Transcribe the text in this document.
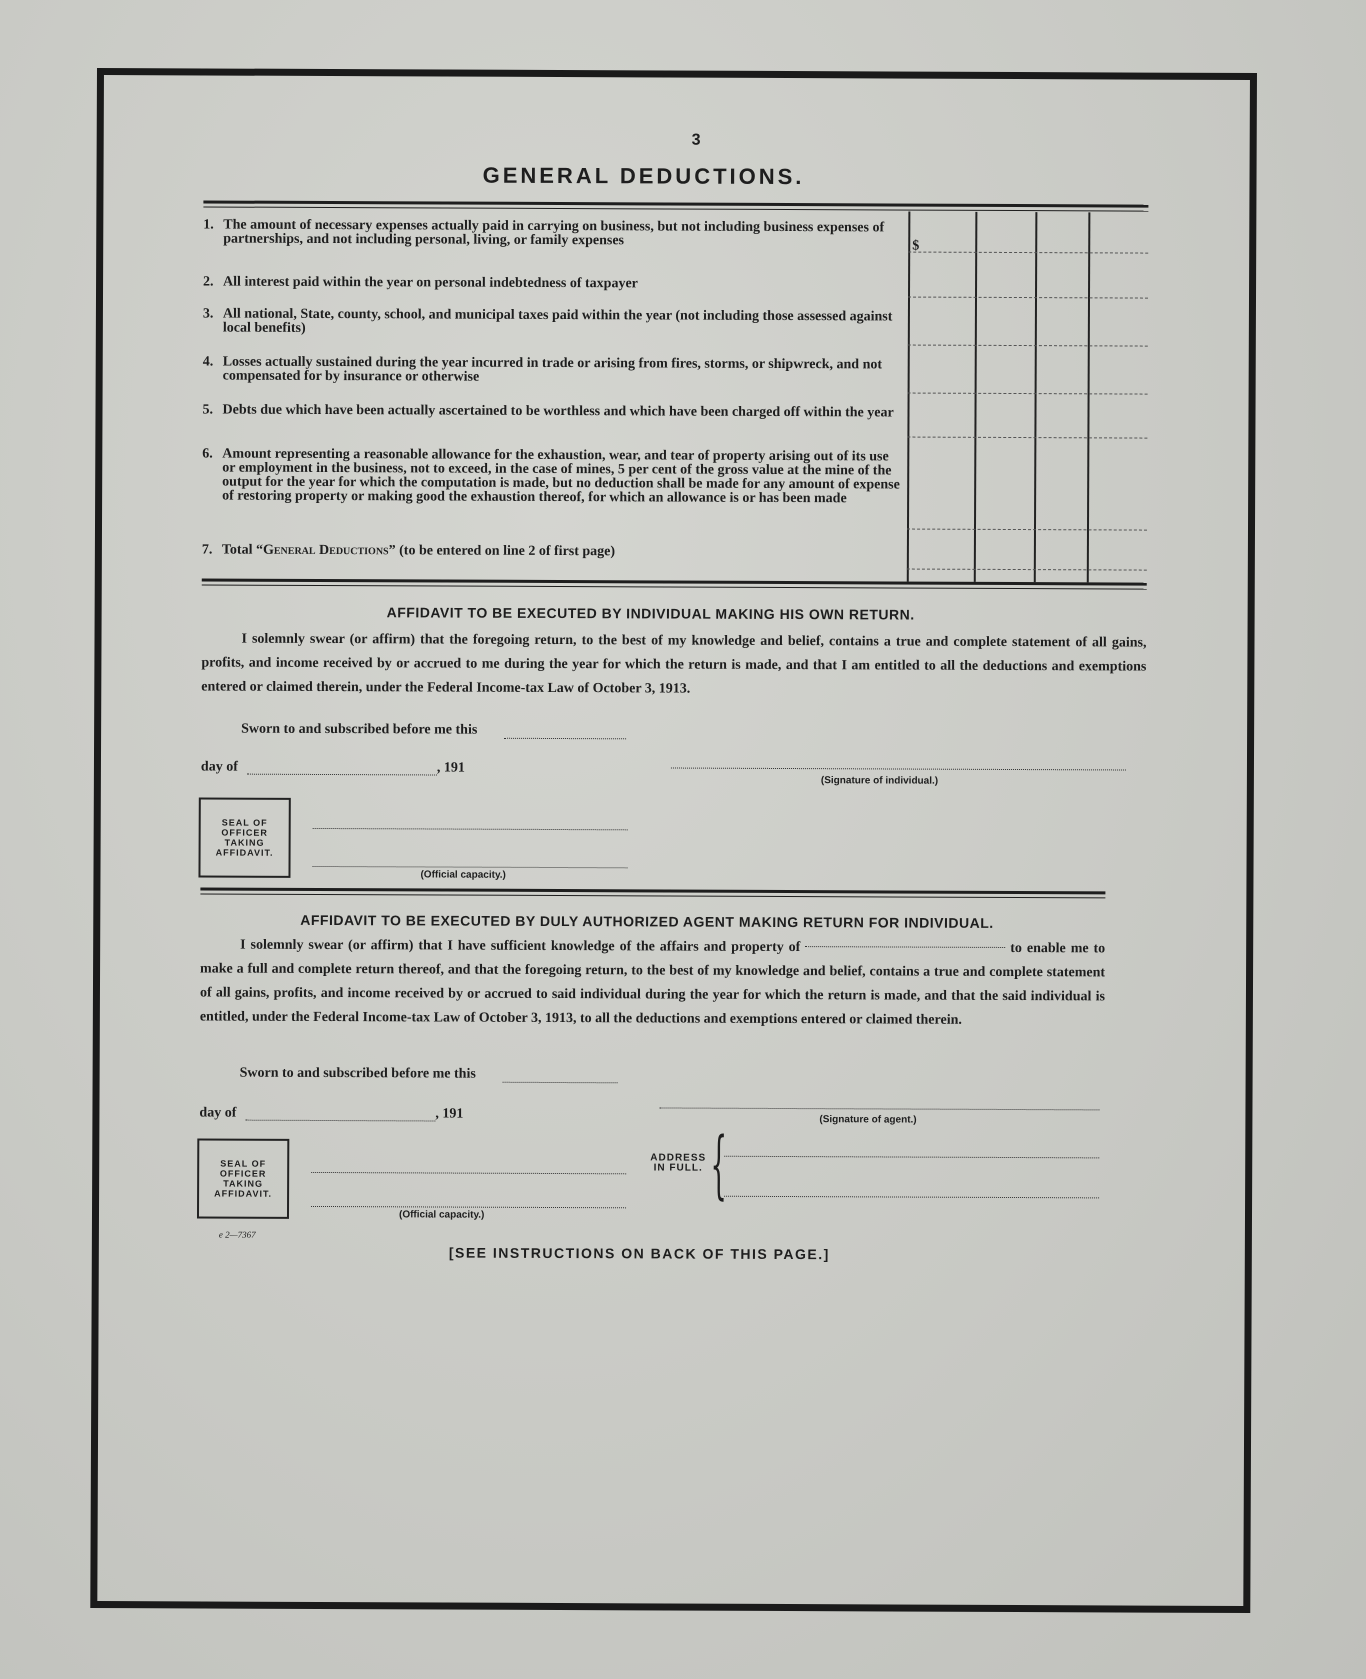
3
GENERAL DEDUCTIONS.
1. The amount of necessary expenses actually paid in carrying on business, but not including business expenses of partnerships, and not including personal, living, or family expenses
2. All interest paid within the year on personal indebtedness of taxpayer
3. All national, State, county, school, and municipal taxes paid within the year (not including those assessed against local benefits)
4. Losses actually sustained during the year incurred in trade or arising from fires, storms, or shipwreck, and not compensated for by insurance or otherwise
5. Debts due which have been actually ascertained to be worthless and which have been charged off within the year
6. Amount representing a reasonable allowance for the exhaustion, wear, and tear of property arising out of its use or employment in the business, not to exceed, in the case of mines, 5 per cent of the gross value at the mine of the output for the year for which the computation is made, but no deduction shall be made for any amount of expense of restoring property or making good the exhaustion thereof, for which an allowance is or has been made
7. Total “General Deductions” (to be entered on line 2 of first page)
$
AFFIDAVIT TO BE EXECUTED BY INDIVIDUAL MAKING HIS OWN RETURN.
I solemnly swear (or affirm) that the foregoing return, to the best of my knowledge and belief, contains a true and complete statement of all gains, profits, and income received by or accrued to me during the year for which the return is made, and that I am entitled to all the deductions and exemptions entered or claimed therein, under the Federal Income-tax Law of October 3, 1913.
Sworn to and subscribed before me this
day of	, 191
(Signature of individual.)
SEAL OF OFFICER TAKING AFFIDAVIT.
(Official capacity.)
AFFIDAVIT TO BE EXECUTED BY DULY AUTHORIZED AGENT MAKING RETURN FOR INDIVIDUAL.
I solemnly swear (or affirm) that I have sufficient knowledge of the affairs and property of	to enable me to make a full and complete return thereof, and that the foregoing return, to the best of my knowledge and belief, contains a true and complete statement of all gains, profits, and income received by or accrued to said individual during the year for which the return is made, and that the said individual is entitled, under the Federal Income-tax Law of October 3, 1913, to all the deductions and exemptions entered or claimed therein.
Sworn to and subscribed before me this
day of	, 191	(Signature of agent.)
SEAL OF OFFICER TAKING AFFIDAVIT.
(Official capacity.)
ADDRESS IN FULL. {
e 2—7367
[SEE INSTRUCTIONS ON BACK OF THIS PAGE.]
